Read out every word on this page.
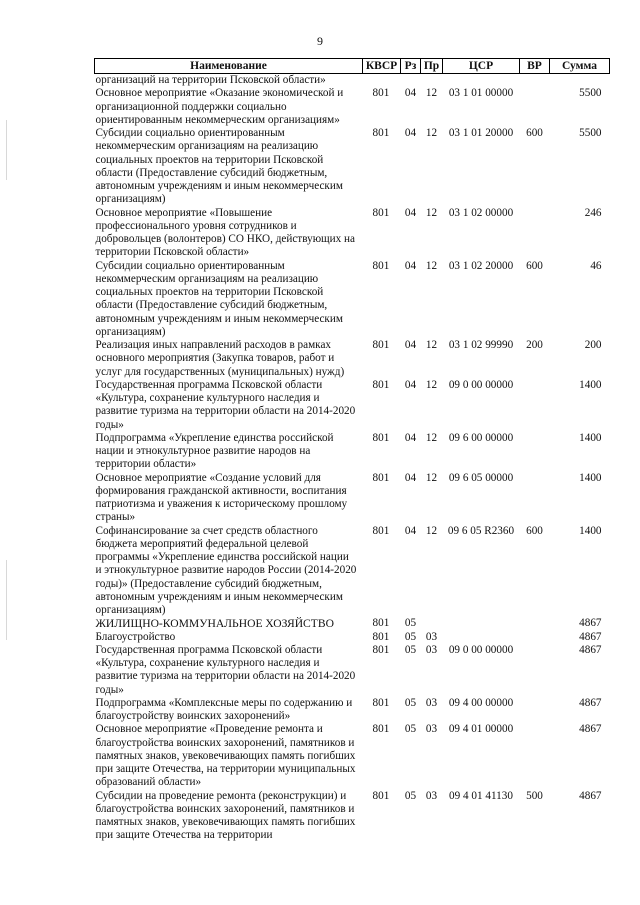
9
Наименование	КВСР	Рз	Пр	ЦСР	ВР	Сумма
организаций на территории Псковской области»						
Основное мероприятие «Оказание экономической и организационной поддержки социально ориентированным некоммерческим организациям»	801	04	12	03 1 01 00000		5500
Субсидии социально ориентированным некоммерческим организациям на реализацию социальных проектов на территории Псковской области (Предоставление субсидий бюджетным, автономным учреждениям и иным некоммерческим организациям)	801	04	12	03 1 01 20000	600	5500
Основное мероприятие «Повышение профессионального уровня сотрудников и добровольцев (волонтеров) СО НКО, действующих на территории Псковской области»	801	04	12	03 1 02 00000		246
Субсидии социально ориентированным некоммерческим организациям на реализацию социальных проектов на территории Псковской области (Предоставление субсидий бюджетным, автономным учреждениям и иным некоммерческим организациям)	801	04	12	03 1 02 20000	600	46
Реализация иных направлений расходов в рамках основного мероприятия (Закупка товаров, работ и услуг для государственных (муниципальных) нужд)	801	04	12	03 1 02 99990	200	200
Государственная программа Псковской области «Культура, сохранение культурного наследия и развитие туризма на территории области на 2014-2020 годы»	801	04	12	09 0 00 00000		1400
Подпрограмма «Укрепление единства российской нации и этнокультурное развитие народов на территории области»	801	04	12	09 6 00 00000		1400
Основное мероприятие «Создание условий для формирования гражданской активности, воспитания патриотизма и уважения к историческому прошлому страны»	801	04	12	09 6 05 00000		1400
Софинансирование за счет средств областного бюджета мероприятий федеральной целевой программы «Укрепление единства российской нации и этнокультурное развитие народов России (2014-2020 годы)» (Предоставление субсидий бюджетным, автономным учреждениям и иным некоммерческим организациям)	801	04	12	09 6 05 R2360	600	1400
ЖИЛИЩНО-КОММУНАЛЬНОЕ ХОЗЯЙСТВО	801	05				4867
Благоустройство	801	05	03			4867
Государственная программа Псковской области «Культура, сохранение культурного наследия и развитие туризма на территории области на 2014-2020 годы»	801	05	03	09 0 00 00000		4867
Подпрограмма «Комплексные меры по содержанию и благоустройству воинских захоронений»	801	05	03	09 4 00 00000		4867
Основное мероприятие «Проведение ремонта и благоустройства воинских захоронений, памятников и памятных знаков, увековечивающих память погибших при защите Отечества, на территории муниципальных образований области»	801	05	03	09 4 01 00000		4867
Субсидии на проведение ремонта (реконструкции) и благоустройства воинских захоронений, памятников и памятных знаков, увековечивающих память погибших при защите Отечества на территории	801	05	03	09 4 01 41130	500	4867
